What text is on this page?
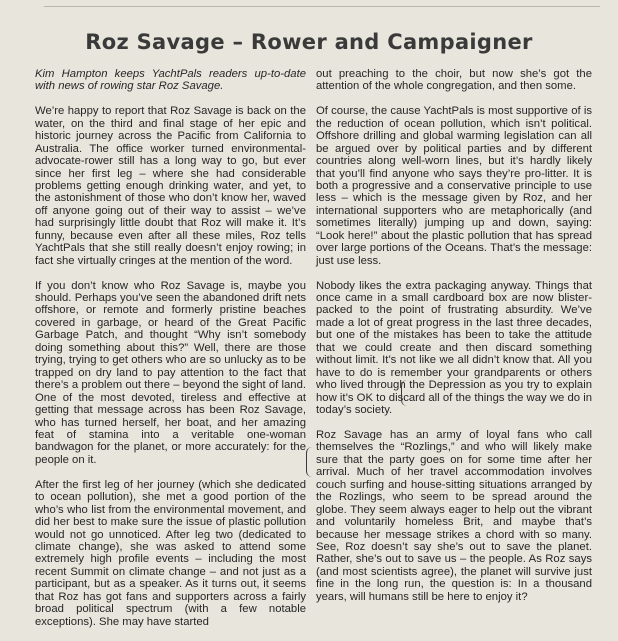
Roz Savage – Rower and Campaigner

Kim Hampton keeps YachtPals readers up-to-date with news of rowing star Roz Savage.

We’re happy to report that Roz Savage is back on the water, on the third and final stage of her epic and historic journey across the Pacific from California to Australia. The office worker turned environmental-advocate-rower still has a long way to go, but ever since her first leg – where she had considerable problems getting enough drinking water, and yet, to the astonishment of those who don’t know her, waved off anyone going out of their way to assist – we’ve had surprisingly little doubt that Roz will make it. It’s funny, because even after all these miles, Roz tells YachtPals that she still really doesn’t enjoy rowing; in fact she virtually cringes at the mention of the word.

If you don’t know who Roz Savage is, maybe you should. Perhaps you’ve seen the abandoned drift nets offshore, or remote and formerly pristine beaches covered in garbage, or heard of the Great Pacific Garbage Patch, and thought “Why isn’t somebody doing something about this?” Well, there are those trying, trying to get others who are so unlucky as to be trapped on dry land to pay attention to the fact that there’s a problem out there – beyond the sight of land. One of the most devoted, tireless and effective at getting that message across has been Roz Savage, who has turned herself, her boat, and her amazing feat of stamina into a veritable one-woman bandwagon for the planet, or more accurately: for the people on it.

After the first leg of her journey (which she dedicated to ocean pollution), she met a good portion of the who’s who list from the environmental movement, and did her best to make sure the issue of plastic pollution would not go unnoticed. After leg two (dedicated to climate change), she was asked to attend some extremely high profile events – including the most recent Summit on climate change – and not just as a participant, but as a speaker. As it turns out, it seems that Roz has got fans and supporters across a fairly broad political spectrum (with a few notable exceptions). She may have started

out preaching to the choir, but now she’s got the attention of the whole congregation, and then some.

Of course, the cause YachtPals is most supportive of is the reduction of ocean pollution, which isn’t political. Offshore drilling and global warming legislation can all be argued over by political parties and by different countries along well-worn lines, but it’s hardly likely that you’ll find anyone who says they’re pro-litter. It is both a progressive and a conservative principle to use less – which is the message given by Roz, and her international supporters who are metaphorically (and sometimes literally) jumping up and down, saying: “Look here!” about the plastic pollution that has spread over large portions of the Oceans. That’s the message: just use less.

Nobody likes the extra packaging anyway. Things that once came in a small cardboard box are now blister-packed to the point of frustrating absurdity. We’ve made a lot of great progress in the last three decades, but one of the mistakes has been to take the attitude that we could create and then discard something without limit. It’s not like we all didn’t know that. All you have to do is remember your grandparents or others who lived through the Depression as you try to explain how it’s OK to discard all of the things the way we do in today’s society.

Roz Savage has an army of loyal fans who call themselves the “Rozlings,” and who will likely make sure that the party goes on for some time after her arrival. Much of her travel accommodation involves couch surfing and house-sitting situations arranged by the Rozlings, who seem to be spread around the globe. They seem always eager to help out the vibrant and voluntarily homeless Brit, and maybe that’s because her message strikes a chord with so many. See, Roz doesn’t say she’s out to save the planet. Rather, she’s out to save us – the people. As Roz says (and most scientists agree), the planet will survive just fine in the long run, the question is: In a thousand years, will humans still be here to enjoy it?
